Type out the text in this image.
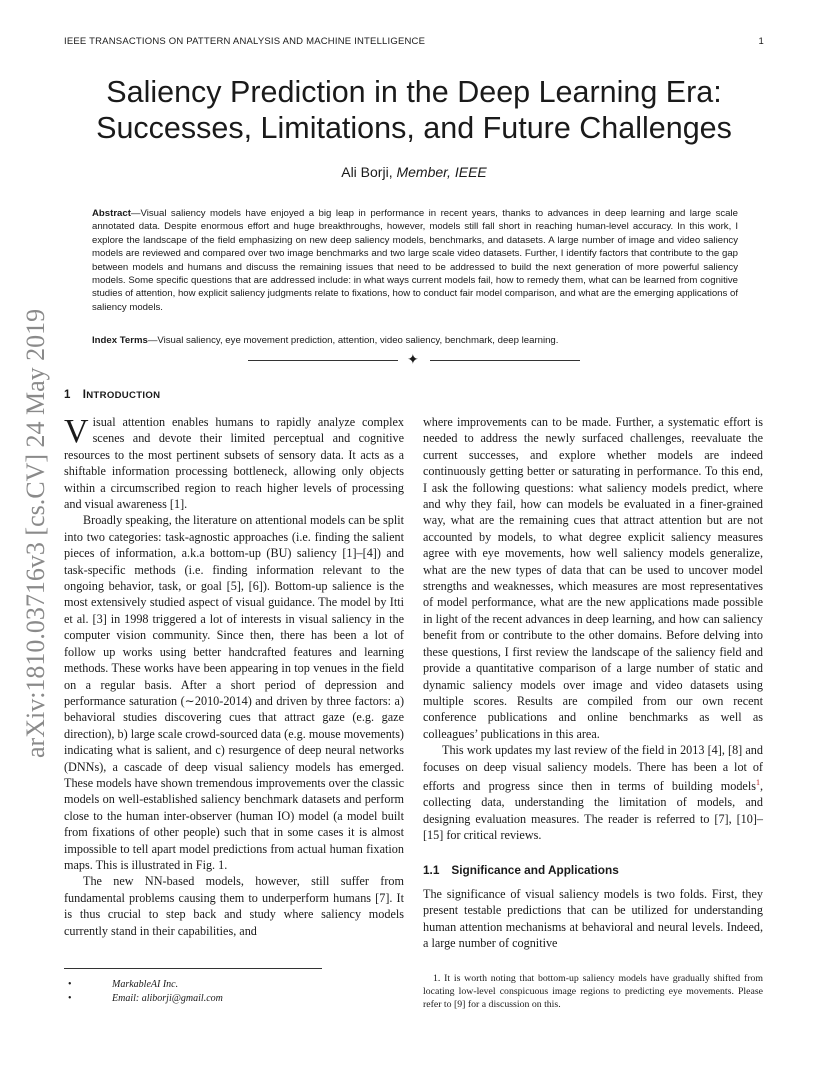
IEEE TRANSACTIONS ON PATTERN ANALYSIS AND MACHINE INTELLIGENCE	1
arXiv:1810.03716v3 [cs.CV] 24 May 2019
Saliency Prediction in the Deep Learning Era:
Successes, Limitations, and Future Challenges
Ali Borji, Member, IEEE

Abstract—Visual saliency models have enjoyed a big leap in performance in recent years, thanks to advances in deep learning and large scale annotated data. Despite enormous effort and huge breakthroughs, however, models still fall short in reaching human-level accuracy. In this work, I explore the landscape of the field emphasizing on new deep saliency models, benchmarks, and datasets. A large number of image and video saliency models are reviewed and compared over two image benchmarks and two large scale video datasets. Further, I identify factors that contribute to the gap between models and humans and discuss the remaining issues that need to be addressed to build the next generation of more powerful saliency models. Some specific questions that are addressed include: in what ways current models fail, how to remedy them, what can be learned from cognitive studies of attention, how explicit saliency judgments relate to fixations, how to conduct fair model comparison, and what are the emerging applications of saliency models.

Index Terms—Visual saliency, eye movement prediction, attention, video saliency, benchmark, deep learning.

✦
1 INTRODUCTION

Visual attention enables humans to rapidly analyze complex scenes and devote their limited perceptual and cognitive resources to the most pertinent subsets of sensory data. It acts as a shiftable information processing bottleneck, allowing only objects within a circumscribed region to reach higher levels of processing and visual awareness [1].

Broadly speaking, the literature on attentional models can be split into two categories: task-agnostic approaches (i.e. finding the salient pieces of information, a.k.a bottom-up (BU) saliency [1]–[4]) and task-specific methods (i.e. finding information relevant to the ongoing behavior, task, or goal [5], [6]). Bottom-up salience is the most extensively studied aspect of visual guidance. The model by Itti et al. [3] in 1998 triggered a lot of interests in visual saliency in the computer vision community. Since then, there has been a lot of follow up works using better handcrafted features and learning methods. These works have been appearing in top venues in the field on a regular basis. After a short period of depression and performance saturation (∼2010-2014) and driven by three factors: a) behavioral studies discovering cues that attract gaze (e.g. gaze direction), b) large scale crowd-sourced data (e.g. mouse movements) indicating what is salient, and c) resurgence of deep neural networks (DNNs), a cascade of deep visual saliency models has emerged. These models have shown tremendous improvements over the classic models on well-established saliency benchmark datasets and perform close to the human inter-observer (human IO) model (a model built from fixations of other people) such that in some cases it is almost impossible to tell apart model predictions from actual human fixation maps. This is illustrated in Fig. 1.

The new NN-based models, however, still suffer from fundamental problems causing them to underperform humans [7]. It is thus crucial to step back and study where saliency models currently stand in their capabilities, and

where improvements can to be made. Further, a systematic effort is needed to address the newly surfaced challenges, reevaluate the current successes, and explore whether models are indeed continuously getting better or saturating in performance. To this end, I ask the following questions: what saliency models predict, where and why they fail, how can models be evaluated in a finer-grained way, what are the remaining cues that attract attention but are not accounted by models, to what degree explicit saliency measures agree with eye movements, how well saliency models generalize, what are the new types of data that can be used to uncover model strengths and weaknesses, which measures are most representatives of model performance, what are the new applications made possible in light of the recent advances in deep learning, and how can saliency benefit from or contribute to the other domains. Before delving into these questions, I first review the landscape of the saliency field and provide a quantitative comparison of a large number of static and dynamic saliency models over image and video datasets using multiple scores. Results are compiled from our own recent conference publications and online benchmarks as well as colleagues’ publications in this area.

This work updates my last review of the field in 2013 [4], [8] and focuses on deep visual saliency models. There has been a lot of efforts and progress since then in terms of building models$^1$, collecting data, understanding the limitation of models, and designing evaluation measures. The reader is referred to [7], [10]–[15] for critical reviews.

1.1 Significance and Applications

The significance of visual saliency models is two folds. First, they present testable predictions that can be utilized for understanding human attention mechanisms at behavioral and neural levels. Indeed, a large number of cognitive

• MarkableAI Inc.
• Email: aliborji@gmail.com

1. It is worth noting that bottom-up saliency models have gradually shifted from locating low-level conspicuous image regions to predicting eye movements. Please refer to [9] for a discussion on this.
